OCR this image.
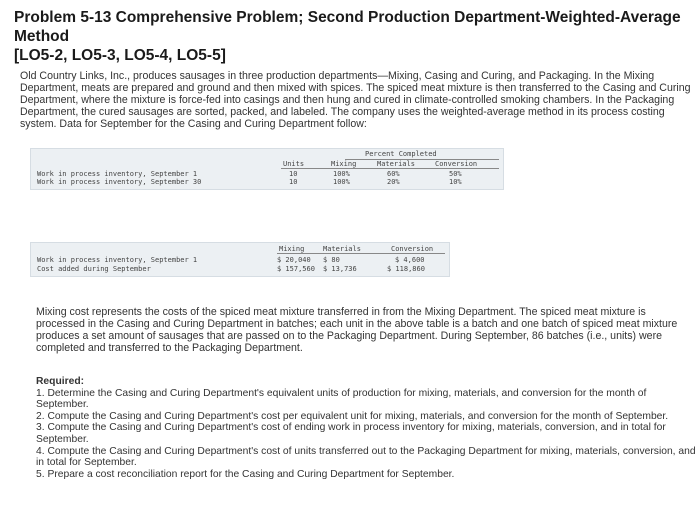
Problem 5-13 Comprehensive Problem; Second Production Department-Weighted-Average Method
[LO5-2, LO5-3, LO5-4, LO5-5]
Old Country Links, Inc., produces sausages in three production departments—Mixing, Casing and Curing, and Packaging. In the Mixing Department, meats are prepared and ground and then mixed with spices. The spiced meat mixture is then transferred to the Casing and Curing Department, where the mixture is force-fed into casings and then hung and cured in climate-controlled smoking chambers. In the Packaging Department, the cured sausages are sorted, packed, and labeled. The company uses the weighted-average method in its process costing system. Data for September for the Casing and Curing Department follow:
Percent Completed
Units	Mixing	Materials	Conversion
Work in process inventory, September 1	10	100%	60%	50%
Work in process inventory, September 30	10	100%	20%	10%
Mixing	Materials	Conversion
Work in process inventory, September 1	$ 20,040 $ 80	$ 4,600
Cost added during September	$ 157,560 $ 13,736	$ 118,860
Mixing cost represents the costs of the spiced meat mixture transferred in from the Mixing Department. The spiced meat mixture is processed in the Casing and Curing Department in batches; each unit in the above table is a batch and one batch of spiced meat mixture produces a set amount of sausages that are passed on to the Packaging Department. During September, 86 batches (i.e., units) were completed and transferred to the Packaging Department.
Required:

1. Determine the Casing and Curing Department's equivalent units of production for mixing, materials, and conversion for the month of September.

2. Compute the Casing and Curing Department's cost per equivalent unit for mixing, materials, and conversion for the month of September.

3. Compute the Casing and Curing Department's cost of ending work in process inventory for mixing, materials, conversion, and in total for September.

4. Compute the Casing and Curing Department's cost of units transferred out to the Packaging Department for mixing, materials, conversion, and in total for September.

5. Prepare a cost reconciliation report for the Casing and Curing Department for September.
